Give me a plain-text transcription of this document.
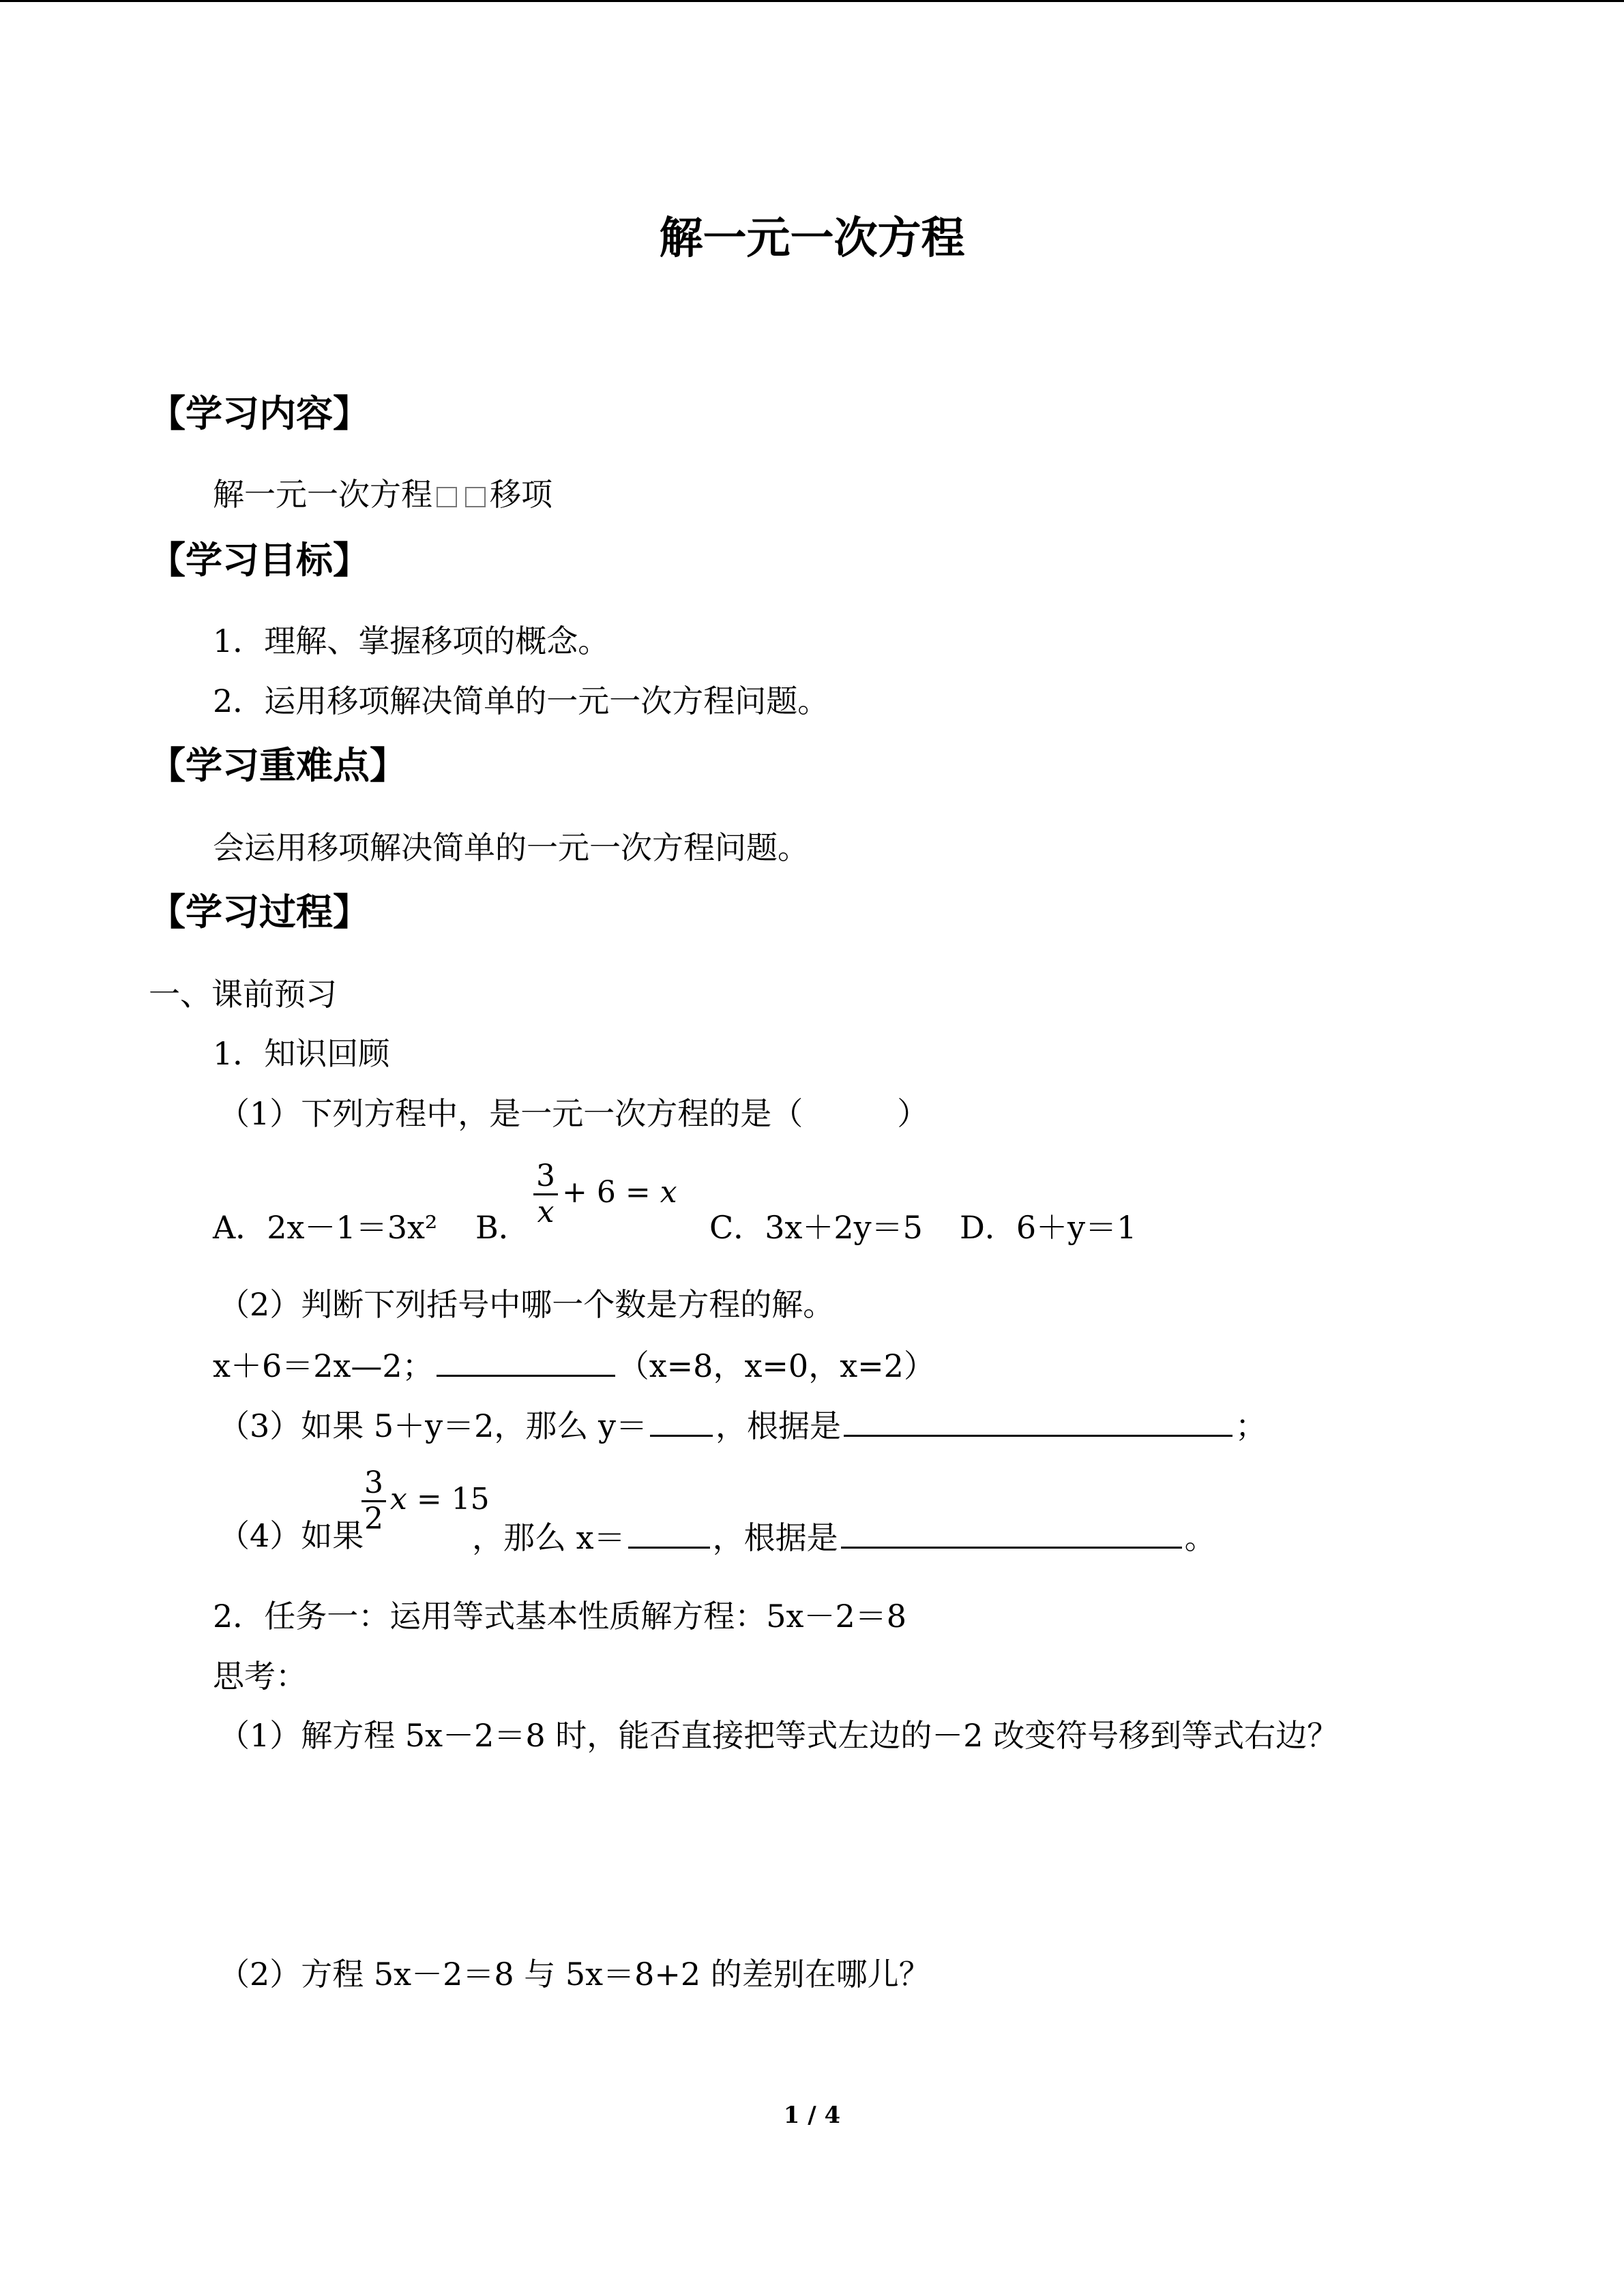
解一元一次方程
【学习内容】
解一元一次方程 移项
【学习目标】
1．理解、掌握移项的概念。
2．运用移项解决简单的一元一次方程问题。
【学习重难点】
会运用移项解决简单的一元一次方程问题。
【学习过程】
一、课前预习
1．知识回顾
（1）下列方程中，是一元一次方程的是（　　　）
A．2x－1＝3x² B． $\frac{3}{x} + 6 = x$
C．3x＋2y＝5 D．6＋y＝1
（2）判断下列括号中哪一个数是方程的解。
x＋6＝2x—2；	（x=8，x=0，x=2）
（3）如果 5＋y＝2，那么 y＝ ，根据是	；
（4）如果
$\frac{3}{2}$ x = 15
，那么 x＝	，根据是	。
2．任务一：运用等式基本性质解方程：5x－2＝8
思考：
（1）解方程 5x－2＝8 时，能否直接把等式左边的－2 改变符号移到等式右边？
（2）方程 5x－2＝8 与 5x＝8+2 的差别在哪儿？
1 / 4
